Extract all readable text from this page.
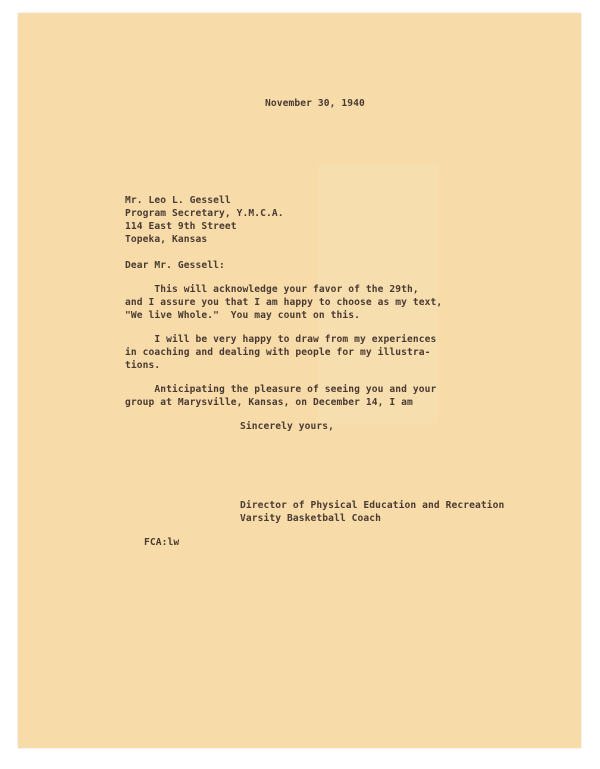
November 30, 1940
Mr. Leo L. Gessell
Program Secretary, Y.M.C.A.
114 East 9th Street
Topeka, Kansas
Dear Mr. Gessell:
This will acknowledge your favor of the 29th,
and I assure you that I am happy to choose as my text,
"We live Whole."  You may count on this.
I will be very happy to draw from my experiences
in coaching and dealing with people for my illustra-
tions.
Anticipating the pleasure of seeing you and your
group at Marysville, Kansas, on December 14, I am
Sincerely yours,
Director of Physical Education and Recreation
Varsity Basketball Coach
FCA:lw
